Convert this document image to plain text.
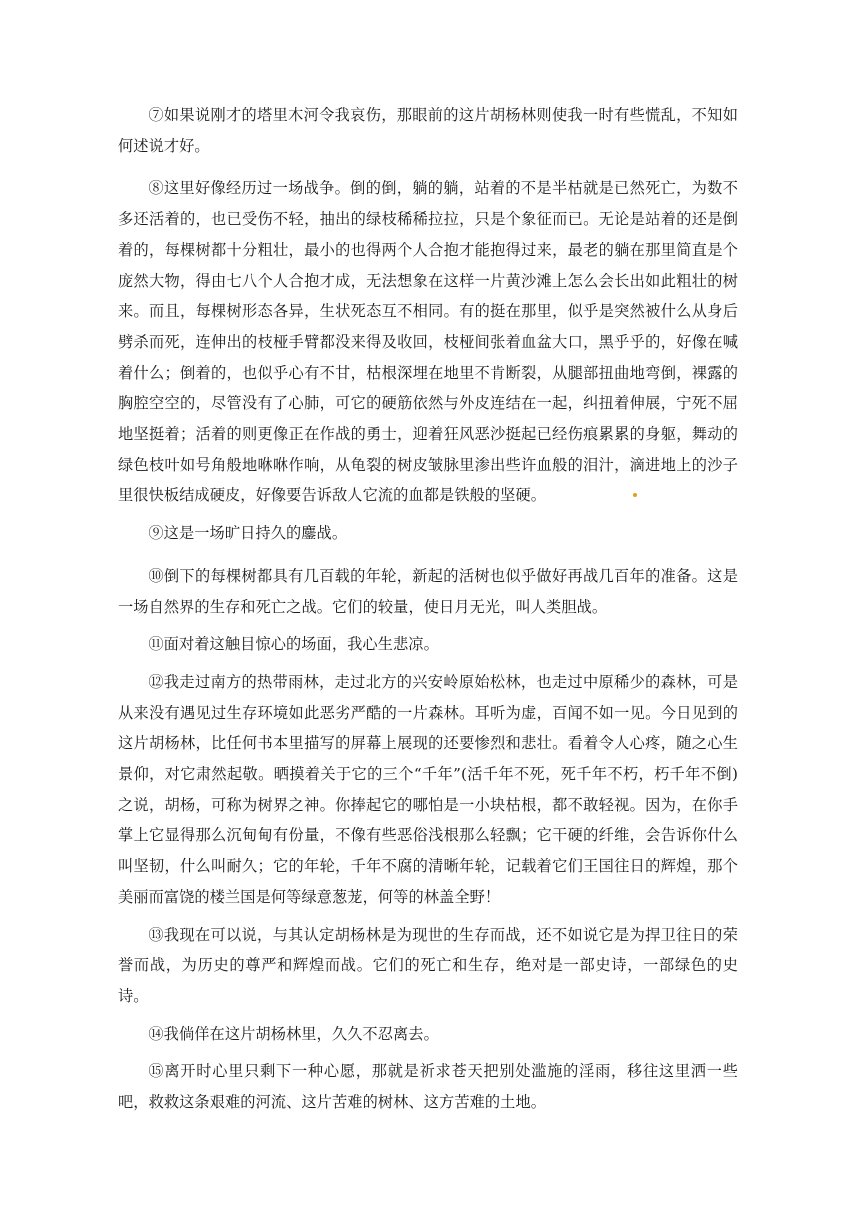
⑦如果说刚才的塔里木河令我哀伤，那眼前的这片胡杨林则使我一时有些慌乱，不知如何述说才好。

⑧这里好像经历过一场战争。倒的倒，躺的躺，站着的不是半枯就是已然死亡，为数不多还活着的，也已受伤不轻，抽出的绿枝稀稀拉拉，只是个象征而已。无论是站着的还是倒着的，每棵树都十分粗壮，最小的也得两个人合抱才能抱得过来，最老的躺在那里简直是个庞然大物，得由七八个人合抱才成，无法想象在这样一片黄沙滩上怎么会长出如此粗壮的树来。而且，每棵树形态各异，生状死态互不相同。有的挺在那里，似乎是突然被什么从身后劈杀而死，连伸出的枝桠手臂都没来得及收回，枝桠间张着血盆大口，黑乎乎的，好像在喊着什么；倒着的，也似乎心有不甘，枯根深埋在地里不肯断裂，从腿部扭曲地弯倒，裸露的胸腔空空的，尽管没有了心肺，可它的硬筋依然与外皮连结在一起，纠扭着伸展，宁死不屈地坚挺着；活着的则更像正在作战的勇士，迎着狂风恶沙挺起已经伤痕累累的身躯，舞动的绿色枝叶如号角般地咻咻作响，从龟裂的树皮皱脉里渗出些许血般的泪汁，滴进地上的沙子里很快板结成硬皮，好像要告诉敌人它流的血都是铁般的坚硬。

⑨这是一场旷日持久的鏖战。

⑩倒下的每棵树都具有几百载的年轮，新起的活树也似乎做好再战几百年的准备。这是一场自然界的生存和死亡之战。它们的较量，使日月无光，叫人类胆战。

⑪面对着这触目惊心的场面，我心生悲凉。

⑫我走过南方的热带雨林，走过北方的兴安岭原始松林，也走过中原稀少的森林，可是从来没有遇见过生存环境如此恶劣严酷的一片森林。耳听为虚，百闻不如一见。今日见到的这片胡杨林，比任何书本里描写的屏幕上展现的还要惨烈和悲壮。看着令人心疼，随之心生景仰，对它肃然起敬。晒摸着关于它的三个“千年”(活千年不死，死千年不朽，朽千年不倒)之说，胡杨，可称为树界之神。你捧起它的哪怕是一小块枯根，都不敢轻视。因为，在你手掌上它显得那么沉甸甸有份量，不像有些恶俗浅根那么轻飘；它干硬的纤维，会告诉你什么叫坚韧，什么叫耐久；它的年轮，千年不腐的清晰年轮，记载着它们王国往日的辉煌，那个美丽而富饶的楼兰国是何等绿意葱茏，何等的林盖全野！

⑬我现在可以说，与其认定胡杨林是为现世的生存而战，还不如说它是为捍卫往日的荣誉而战，为历史的尊严和辉煌而战。它们的死亡和生存，绝对是一部史诗，一部绿色的史诗。

⑭我倘佯在这片胡杨林里，久久不忍离去。

⑮离开时心里只剩下一种心愿，那就是祈求苍天把别处滥施的淫雨，移往这里洒一些吧，救救这条艰难的河流、这片苦难的树林、这方苦难的土地。
